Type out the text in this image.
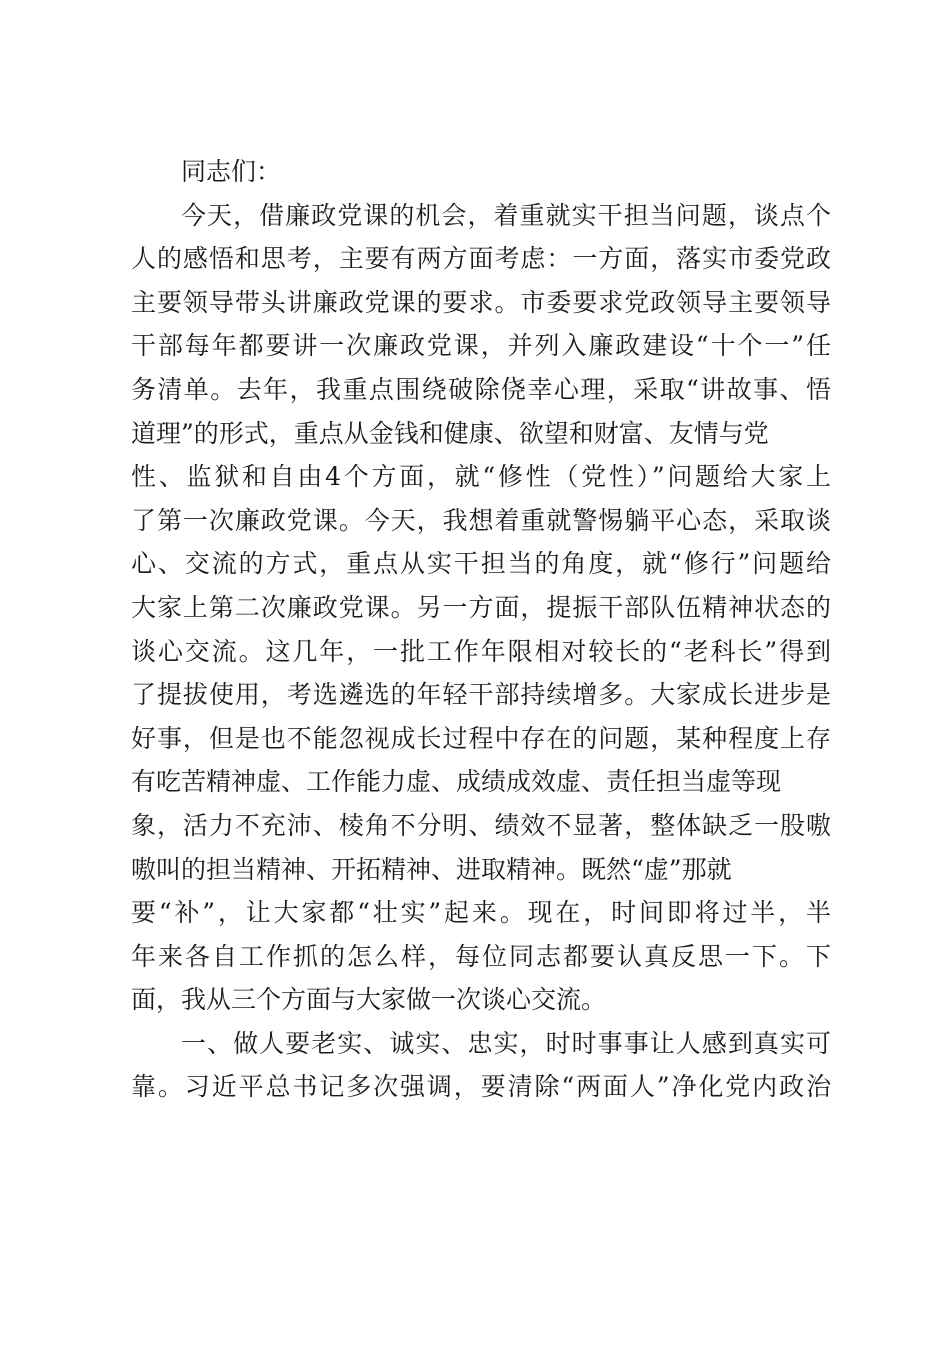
同志们：
今天，借廉政党课的机会，着重就实干担当问题，谈点个
人的感悟和思考，主要有两方面考虑：一方面，落实市委党政
主要领导带头讲廉政党课的要求。市委要求党政领导主要领导
干部每年都要讲一次廉政党课，并列入廉政建设“十个一”任
务清单。去年，我重点围绕破除侥幸心理，采取“讲故事、悟
道理”的形式，重点从金钱和健康、欲望和财富、友情与党
性、监狱和自由4个方面，就“修性（党性）”问题给大家上
了第一次廉政党课。今天，我想着重就警惕躺平心态，采取谈
心、交流的方式，重点从实干担当的角度，就“修行”问题给
大家上第二次廉政党课。另一方面，提振干部队伍精神状态的
谈心交流。这几年，一批工作年限相对较长的“老科长”得到
了提拔使用，考选遴选的年轻干部持续增多。大家成长进步是
好事，但是也不能忽视成长过程中存在的问题，某种程度上存
有吃苦精神虚、工作能力虚、成绩成效虚、责任担当虚等现
象，活力不充沛、棱角不分明、绩效不显著，整体缺乏一股嗷
嗷叫的担当精神、开拓精神、进取精神。既然“虚”那就
要“补”，让大家都“壮实”起来。现在，时间即将过半，半
年来各自工作抓的怎么样，每位同志都要认真反思一下。下
面，我从三个方面与大家做一次谈心交流。
一、做人要老实、诚实、忠实，时时事事让人感到真实可
靠。习近平总书记多次强调，要清除“两面人”净化党内政治
